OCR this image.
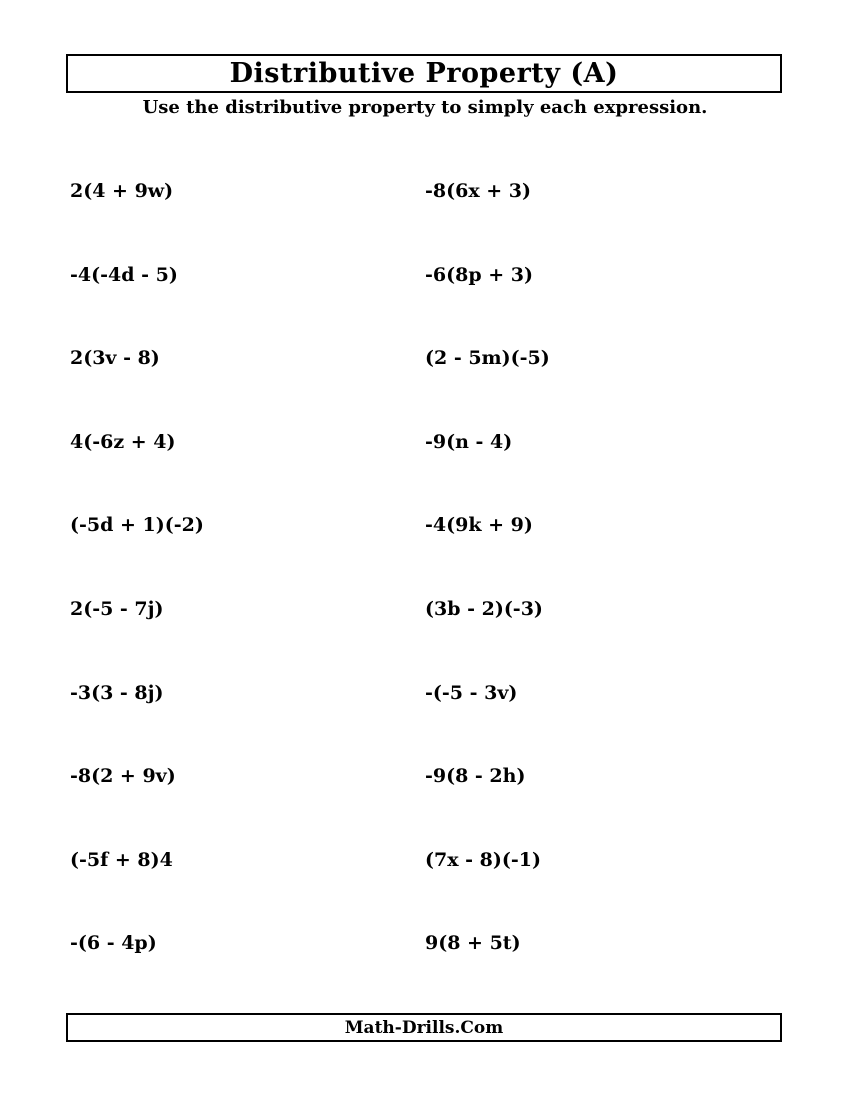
Distributive Property (A)
Use the distributive property to simply each expression.
2(4 + 9w)	-8(6x + 3)
-4(-4d - 5)	-6(8p + 3)
2(3v - 8)	(2 - 5m)(-5)
4(-6z + 4)	-9(n - 4)
(-5d + 1)(-2)	-4(9k + 9)
2(-5 - 7j)	(3b - 2)(-3)
-3(3 - 8j)	-(-5 - 3v)
-8(2 + 9v)	-9(8 - 2h)
(-5f + 8)4	(7x - 8)(-1)
-(6 - 4p)	9(8 + 5t)
Math-Drills.Com
